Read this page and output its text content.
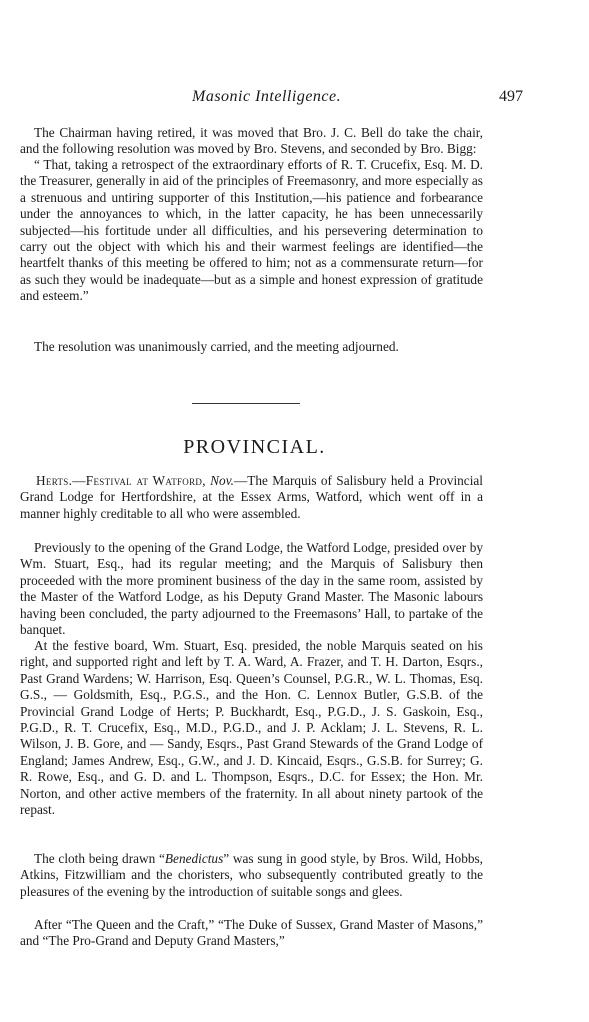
Masonic Intelligence.	497

The Chairman having retired, it was moved that Bro. J. C. Bell do take the chair, and the following resolution was moved by Bro. Stevens, and seconded by Bro. Bigg:

“ That, taking a retrospect of the extraordinary efforts of R. T. Crucefix, Esq. M. D. the Treasurer, generally in aid of the principles of Freemasonry, and more especially as a strenuous and untiring supporter of this Institution,—his patience and forbearance under the annoyances to which, in the latter capacity, he has been unnecessarily subjected—his fortitude under all difficulties, and his persevering determination to carry out the object with which his and their warmest feelings are identified—the heartfelt thanks of this meeting be offered to him; not as a commensurate return—for as such they would be inadequate—but as a simple and honest expression of gratitude and esteem.”

The resolution was unanimously carried, and the meeting adjourned.

PROVINCIAL.

Herts.—Festival at Watford, Nov.—The Marquis of Salisbury held a Provincial Grand Lodge for Hertfordshire, at the Essex Arms, Watford, which went off in a manner highly creditable to all who were assembled.

Previously to the opening of the Grand Lodge, the Watford Lodge, presided over by Wm. Stuart, Esq., had its regular meeting; and the Marquis of Salisbury then proceeded with the more prominent business of the day in the same room, assisted by the Master of the Watford Lodge, as his Deputy Grand Master. The Masonic labours having been concluded, the party adjourned to the Freemasons’ Hall, to partake of the banquet.

At the festive board, Wm. Stuart, Esq. presided, the noble Marquis seated on his right, and supported right and left by T. A. Ward, A. Frazer, and T. H. Darton, Esqrs., Past Grand Wardens; W. Harrison, Esq. Queen’s Counsel, P.G.R., W. L. Thomas, Esq. G.S., — Goldsmith, Esq., P.G.S., and the Hon. C. Lennox Butler, G.S.B. of the Provincial Grand Lodge of Herts; P. Buckhardt, Esq., P.G.D., J. S. Gaskoin, Esq., P.G.D., R. T. Crucefix, Esq., M.D., P.G.D., and J. P. Acklam; J. L. Stevens, R. L. Wilson, J. B. Gore, and — Sandy, Esqrs., Past Grand Stewards of the Grand Lodge of England; James Andrew, Esq., G.W., and J. D. Kincaid, Esqrs., G.S.B. for Surrey; G. R. Rowe, Esq., and G. D. and L. Thompson, Esqrs., D.C. for Essex; the Hon. Mr. Norton, and other active members of the fraternity. In all about ninety partook of the repast.

The cloth being drawn “Benedictus” was sung in good style, by Bros. Wild, Hobbs, Atkins, Fitzwilliam and the choristers, who subsequently contributed greatly to the pleasures of the evening by the introduction of suitable songs and glees.

After “The Queen and the Craft,” “The Duke of Sussex, Grand Master of Masons,” and “The Pro-Grand and Deputy Grand Masters,”
